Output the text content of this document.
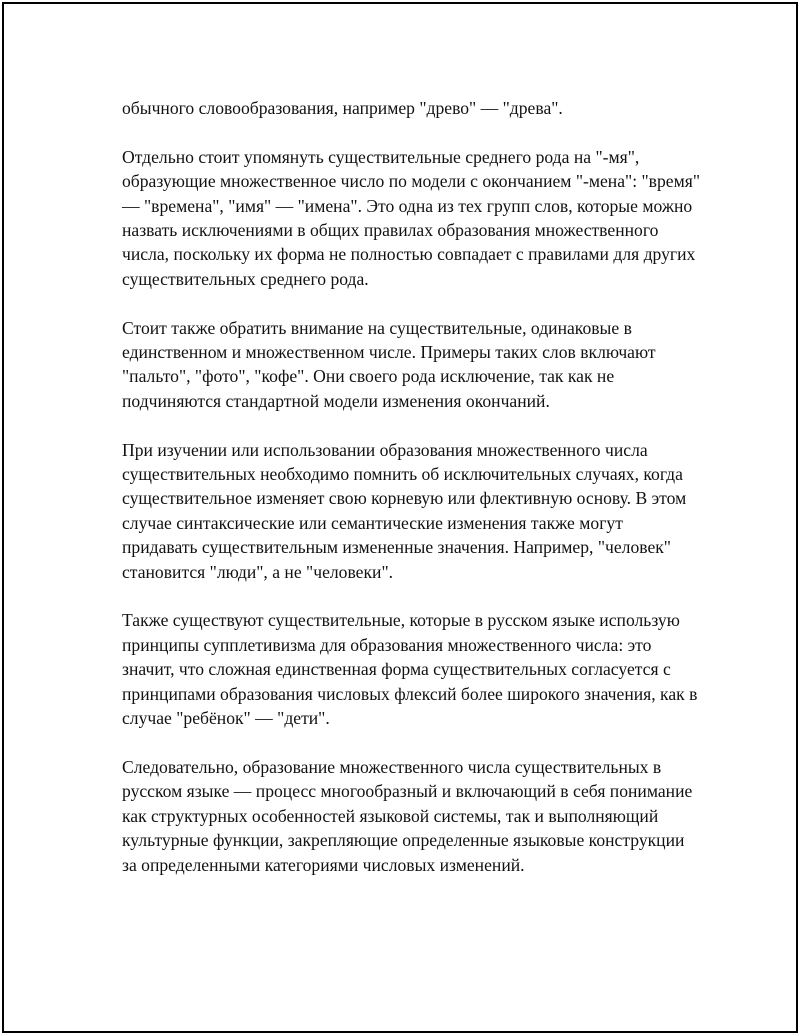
обычного словообразования, например "древо" — "древа".

Отдельно стоит упомянуть существительные среднего рода на "-мя", образующие множественное число по модели с окончанием "-мена": "время" — "времена", "имя" — "имена". Это одна из тех групп слов, которые можно назвать исключениями в общих правилах образования множественного числа, поскольку их форма не полностью совпадает с правилами для других существительных среднего рода.

Стоит также обратить внимание на существительные, одинаковые в единственном и множественном числе. Примеры таких слов включают "пальто", "фото", "кофе". Они своего рода исключение, так как не подчиняются стандартной модели изменения окончаний.

При изучении или использовании образования множественного числа существительных необходимо помнить об исключительных случаях, когда существительное изменяет свою корневую или флективную основу. В этом случае синтаксические или семантические изменения также могут придавать существительным измененные значения. Например, "человек" становится "люди", а не "человеки".

Также существуют существительные, которые в русском языке использую принципы супплетивизма для образования множественного числа: это значит, что сложная единственная форма существительных согласуется с принципами образования числовых флексий более широкого значения, как в случае "ребёнок" — "дети".

Следовательно, образование множественного числа существительных в русском языке — процесс многообразный и включающий в себя понимание как структурных особенностей языковой системы, так и выполняющий культурные функции, закрепляющие определенные языковые конструкции за определенными категориями числовых изменений.
